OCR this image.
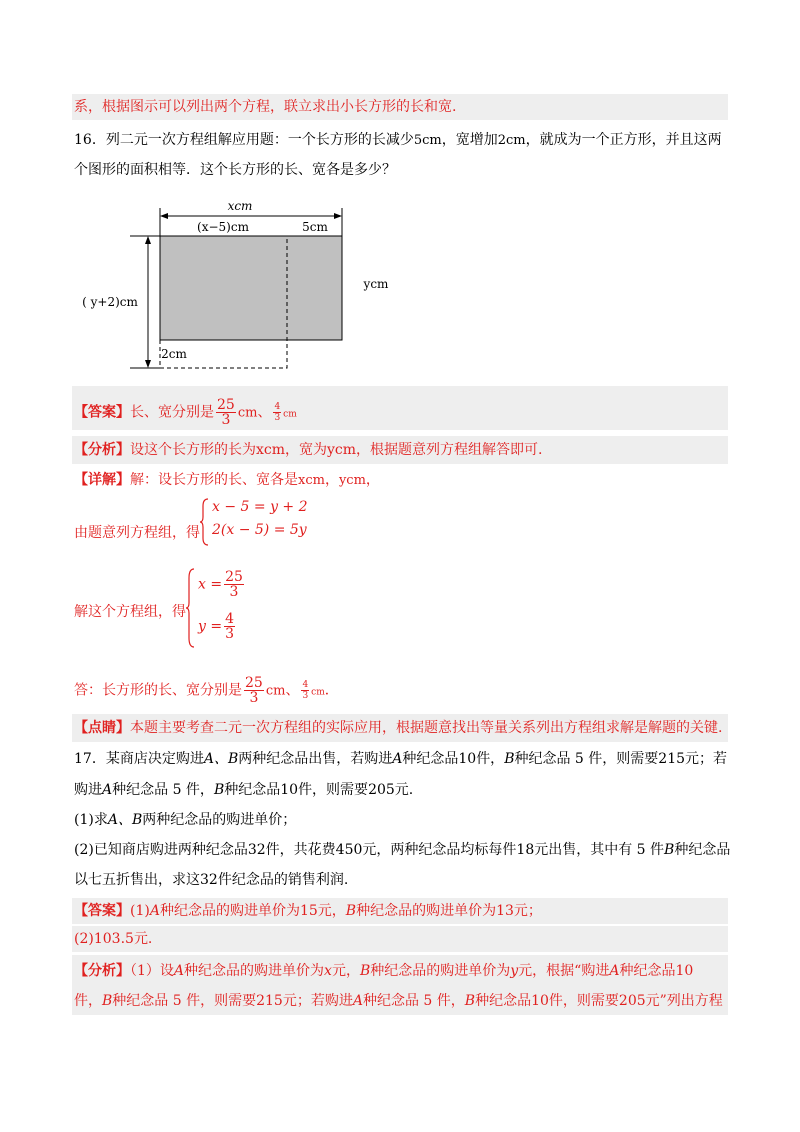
系，根据图示可以列出两个方程，联立求出小长方形的长和宽.
16．列二元一次方程组解应用题：一个长方形的长减少5cm，宽增加2cm，就成为一个正方形，并且这两
个图形的面积相等．这个长方形的长、宽各是多少？
xcm
(x−5)cm	5cm
( y+2)cm
ycm
2cm
【答案】长、宽分别是 $\frac{25}{3}$ cm、 $\frac{4}{3}$ cm
【分析】设这个长方形的长为xcm，宽为ycm，根据题意列方程组解答即可.
【详解】解：设长方形的长、宽各是xcm，ycm，
由题意列方程组，得
x − 5 = y + 2
2(x − 5) = 5y
解这个方程组，得
$x = \frac{25}{3}$
$y = \frac{4}{3}$
答：长方形的长、宽分别是 $\frac{25}{3}$ cm、 $\frac{4}{3}$ cm．
【点睛】本题主要考查二元一次方程组的实际应用，根据题意找出等量关系列出方程组求解是解题的关键.
17．某商店决定购进A、B两种纪念品出售，若购进A种纪念品10件，B种纪念品 5 件，则需要215元；若
购进A种纪念品 5 件，B种纪念品10件，则需要205元.
(1)求A、B两种纪念品的购进单价；
(2)已知商店购进两种纪念品32件，共花费450元，两种纪念品均标每件18元出售，其中有 5 件B种纪念品
以七五折售出，求这32件纪念品的销售利润.
【答案】(1)A种纪念品的购进单价为15元，B种纪念品的购进单价为13元；
(2)103.5元.
【分析】（1）设A种纪念品的购进单价为x元，B种纪念品的购进单价为y元，根据“购进A种纪念品10
件，B种纪念品 5 件，则需要215元；若购进A种纪念品 5 件，B种纪念品10件，则需要205元”列出方程
